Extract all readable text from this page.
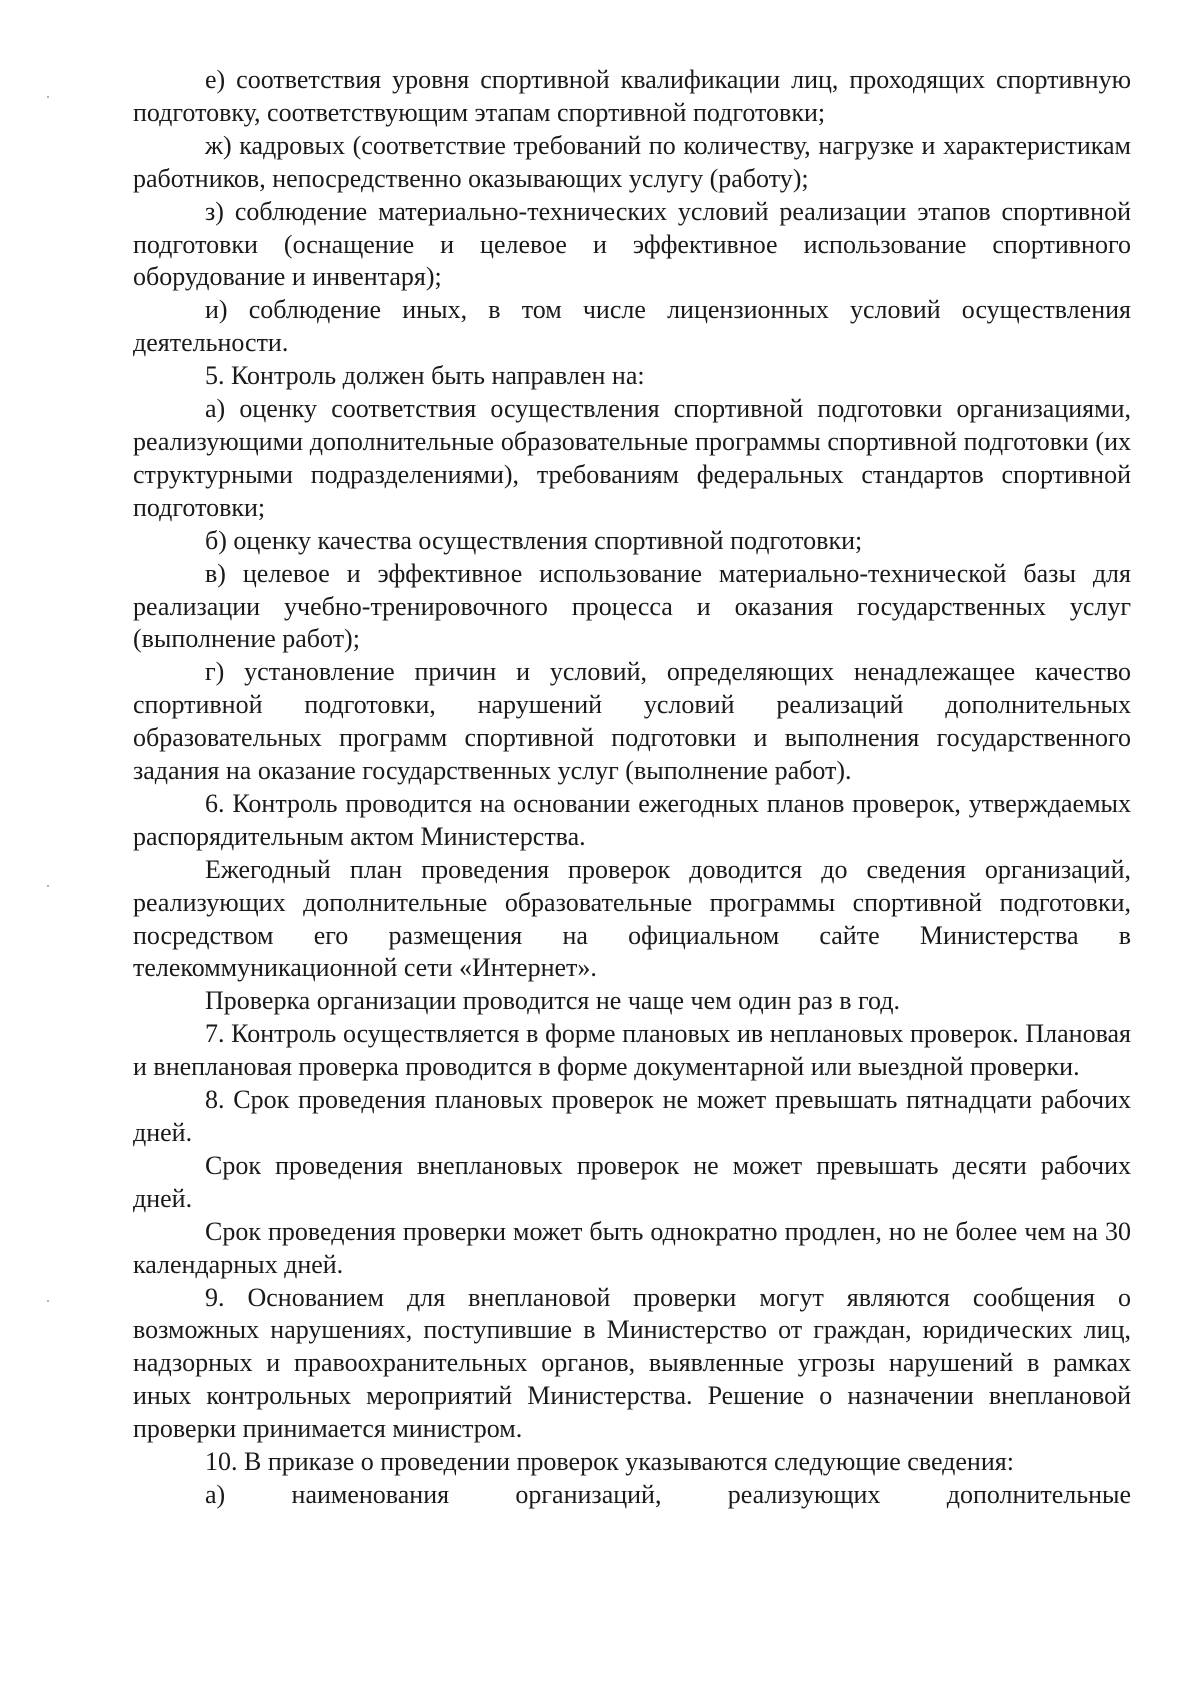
е) соответствия уровня спортивной квалификации лиц, проходящих спортивную подготовку, соответствующим этапам спортивной подготовки;

ж) кадровых (соответствие требований по количеству, нагрузке и характеристикам работников, непосредственно оказывающих услугу (работу);

з) соблюдение материально-технических условий реализации этапов спортивной подготовки (оснащение и целевое и эффективное использование спортивного оборудование и инвентаря);

и) соблюдение иных, в том числе лицензионных условий осуществления деятельности.

5. Контроль должен быть направлен на:

а) оценку соответствия осуществления спортивной подготовки организациями, реализующими дополнительные образовательные программы спортивной подготовки (их структурными подразделениями), требованиям федеральных стандартов спортивной подготовки;

б) оценку качества осуществления спортивной подготовки;

в) целевое и эффективное использование материально-технической базы для реализации учебно-тренировочного процесса и оказания государственных услуг (выполнение работ);

г) установление причин и условий, определяющих ненадлежащее качество спортивной подготовки, нарушений условий реализаций дополнительных образовательных программ спортивной подготовки и выполнения государственного задания на оказание государственных услуг (выполнение работ).

6. Контроль проводится на основании ежегодных планов проверок, утверждаемых распорядительным актом Министерства.

Ежегодный план проведения проверок доводится до сведения организаций, реализующих дополнительные образовательные программы спортивной подготовки, посредством его размещения на официальном сайте Министерства в телекоммуникационной сети «Интернет».

Проверка организации проводится не чаще чем один раз в год.

7. Контроль осуществляется в форме плановых ив неплановых проверок. Плановая и внеплановая проверка проводится в форме документарной или выездной проверки.

8. Срок проведения плановых проверок не может превышать пятнадцати рабочих дней.

Срок проведения внеплановых проверок не может превышать десяти рабочих дней.

Срок проведения проверки может быть однократно продлен, но не более чем на 30 календарных дней.

9. Основанием для внеплановой проверки могут являются сообщения о возможных нарушениях, поступившие в Министерство от граждан, юридических лиц, надзорных и правоохранительных органов, выявленные угрозы нарушений в рамках иных контрольных мероприятий Министерства. Решение о назначении внеплановой проверки принимается министром.

10. В приказе о проведении проверок указываются следующие сведения:

а) наименования организаций, реализующих дополнительные
